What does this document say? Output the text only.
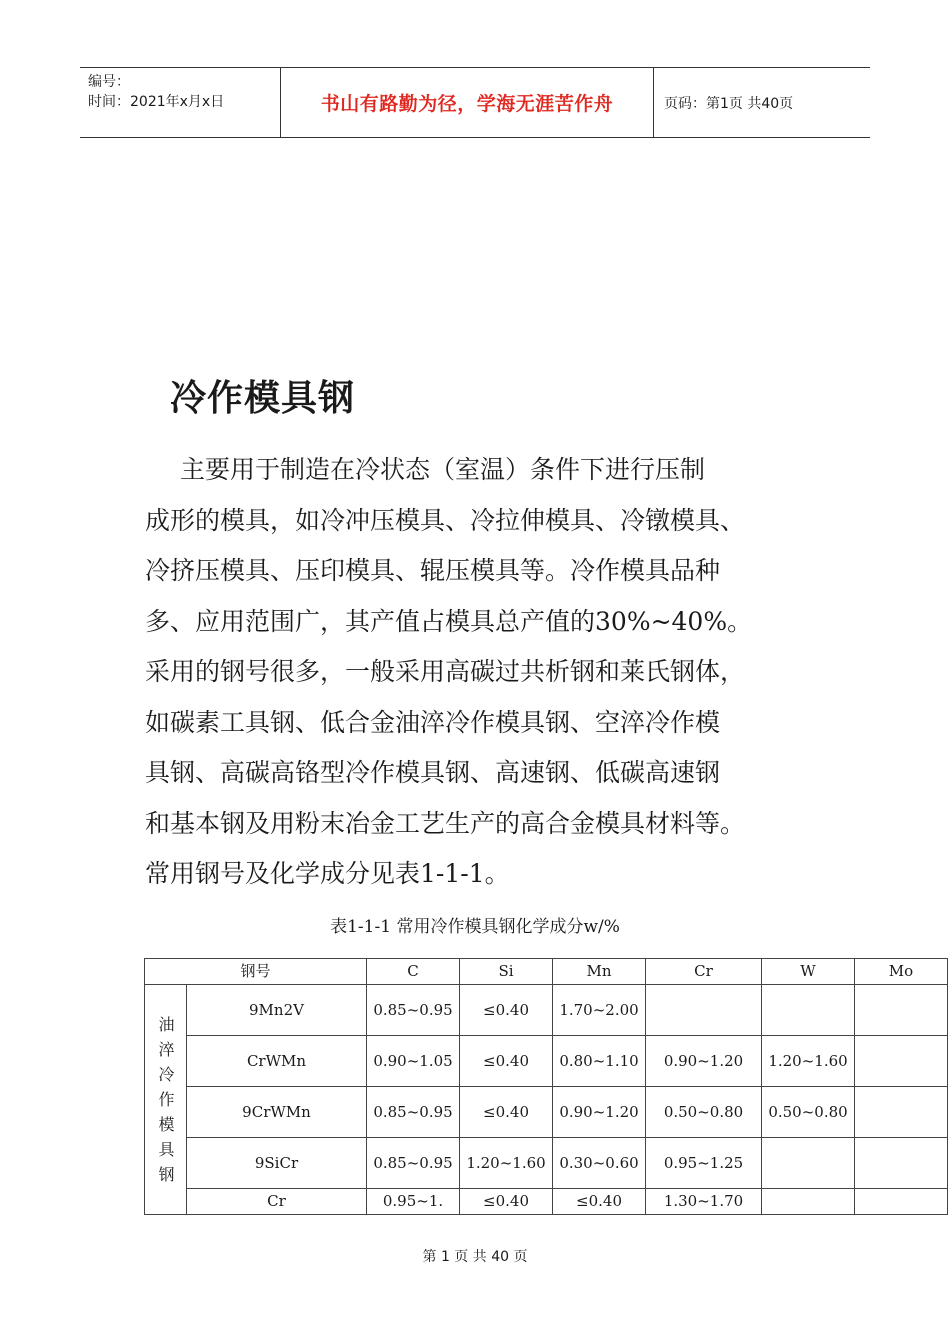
编号：
时间：2021年x月x日	书山有路勤为径，学海无涯苦作舟	页码：第1页 共40页
冷作模具钢

主要用于制造在冷状态（室温）条件下进行压制
成形的模具，如冷冲压模具、冷拉伸模具、冷镦模具、
冷挤压模具、压印模具、辊压模具等。冷作模具品种
多、应用范围广，其产值占模具总产值的30%~40%。
采用的钢号很多，一般采用高碳过共析钢和莱氏钢体，
如碳素工具钢、低合金油淬冷作模具钢、空淬冷作模
具钢、高碳高铬型冷作模具钢、高速钢、低碳高速钢
和基本钢及用粉末冶金工艺生产的高合金模具材料等。
常用钢号及化学成分见表1-1-1。

表1-1-1 常用冷作模具钢化学成分w/%
钢号		C	Si	Mn	Cr	W	Mo

油淬冷作模具钢	9Mn2V	0.85~0.95	≤0.40	1.70~2.00			
	CrWMn	0.90~1.05	≤0.40	0.80~1.10	0.90~1.20	1.20~1.60	
	9CrWMn	0.85~0.95	≤0.40	0.90~1.20	0.50~0.80	0.50~0.80	
	9SiCr	0.85~0.95	1.20~1.60	0.30~0.60	0.95~1.25		
	Cr	0.95~1.	≤0.40	≤0.40	1.30~1.70		
第 1 页 共 40 页
